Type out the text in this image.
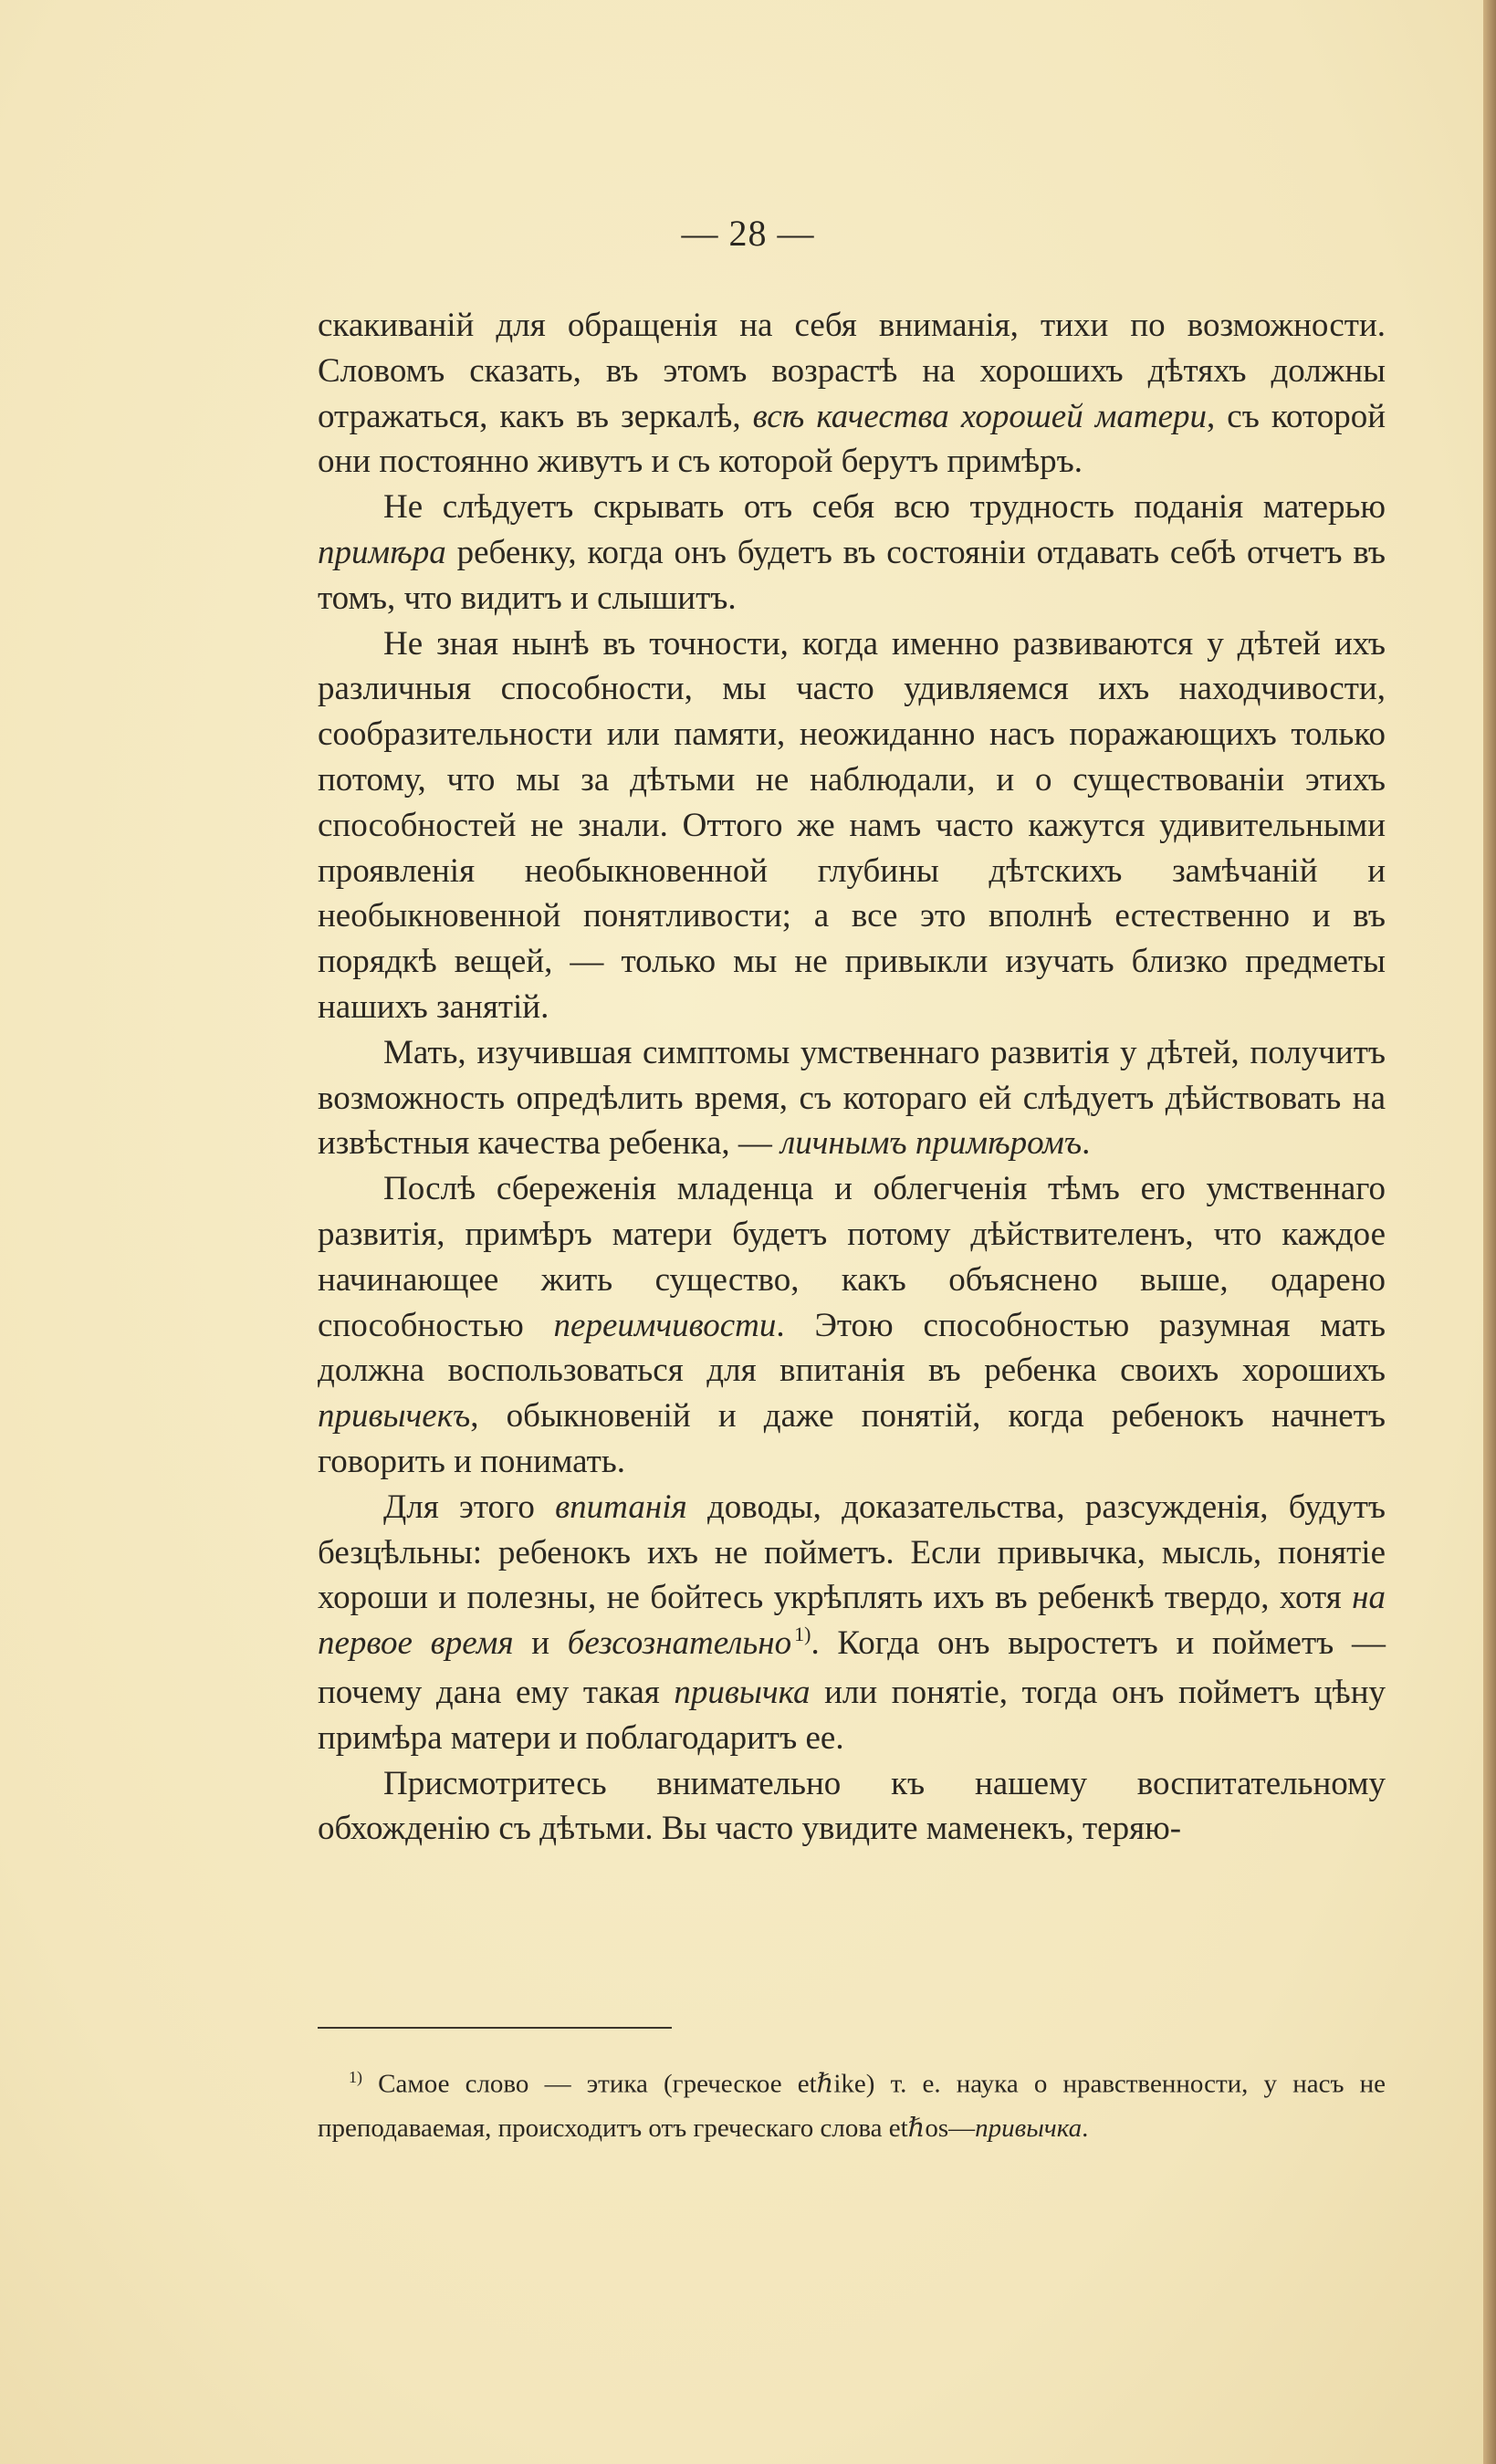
— 28 —

скакиванiй для обращенiя на себя вниманiя, тихи по возможности. Словомъ сказать, въ этомъ возрастѣ на хорошихъ дѣтяхъ должны отражаться, какъ въ зеркалѣ, всѣ качества хорошей матери, съ которой они постоянно живутъ и съ которой берутъ примѣръ.

Не слѣдуетъ скрывать отъ себя всю трудность поданiя матерью примѣра ребенку, когда онъ будетъ въ состоянiи отдавать себѣ отчетъ въ томъ, что видитъ и слышитъ.

Не зная нынѣ въ точности, когда именно развиваются у дѣтей ихъ различныя способности, мы часто удивляемся ихъ находчивости, сообразительности или памяти, неожиданно насъ поражающихъ только потому, что мы за дѣтьми не наблюдали, и о существованiи этихъ способностей не знали. Оттого же намъ часто кажутся удивительными проявленiя необыкновенной глубины дѣтскихъ замѣчанiй и необыкновенной понятливости; а все это вполнѣ естественно и въ порядкѣ вещей, — только мы не привыкли изучать близко предметы нашихъ занятiй.

Мать, изучившая симптомы умственнаго развитiя у дѣтей, получитъ возможность опредѣлить время, съ котораго ей слѣдуетъ дѣйствовать на извѣстныя качества ребенка, — личнымъ примѣромъ.

Послѣ сбереженiя младенца и облегченiя тѣмъ его умственнаго развитiя, примѣръ матери будетъ потому дѣйствителенъ, что каждое начинающее жить существо, какъ объяснено выше, одарено способностью переимчивости. Этою способностью разумная мать должна воспользоваться для впитанiя въ ребенка своихъ хорошихъ привычекъ, обыкновенiй и даже понятiй, когда ребенокъ начнетъ говорить и понимать.

Для этого впитанiя доводы, доказательства, разсужденiя, будутъ безцѣльны: ребенокъ ихъ не пойметъ. Если привычка, мысль, понятiе хороши и полезны, не бойтесь укрѣплять ихъ въ ребенкѣ твердо, хотя на первое время и безсознательно $^{1)}$. Когда онъ выростетъ и пойметъ — почему дана ему такая привычка или понятiе, тогда онъ пойметъ цѣну примѣра матери и поблагодаритъ ее.

Присмотритесь внимательно къ нашему воспитательному обхожденiю съ дѣтьми. Вы часто увидите маменекъ, теряю-

$^{1)}$ Самое слово — этика (греческое etℏike) т. е. наука о нравственности, у насъ не преподаваемая, происходитъ отъ греческаго слова etℏos—привычка.
